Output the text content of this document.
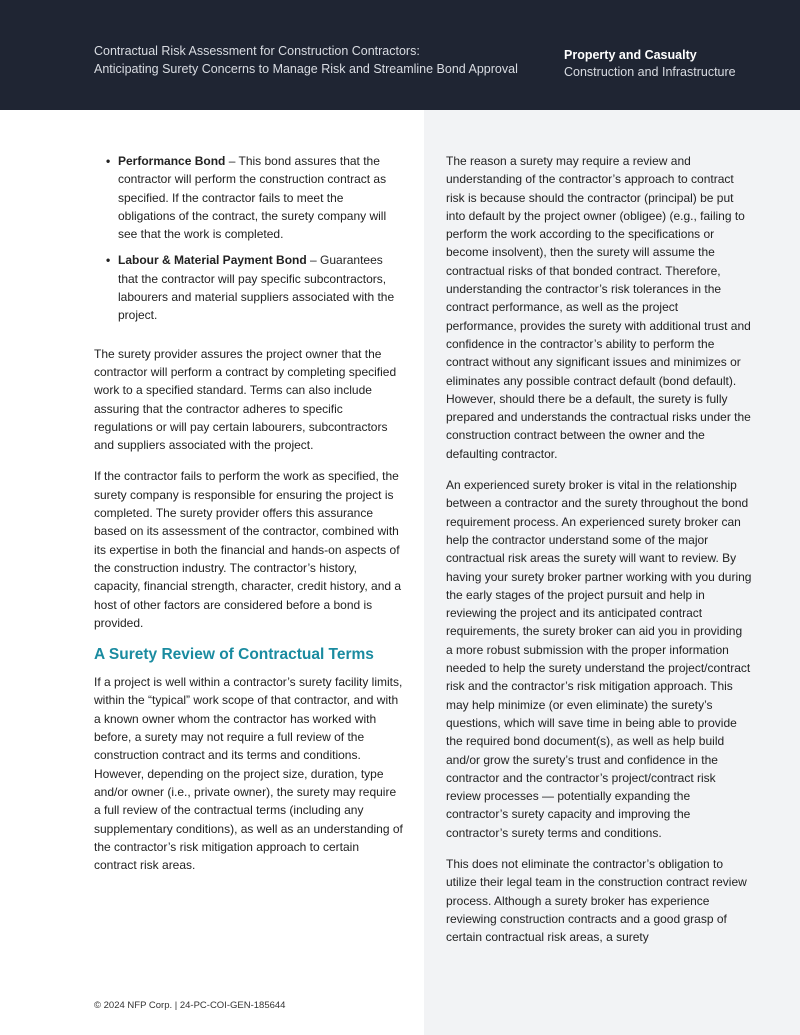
Contractual Risk Assessment for Construction Contractors:
Anticipating Surety Concerns to Manage Risk and Streamline Bond Approval
Property and Casualty
Construction and Infrastructure
• Performance Bond – This bond assures that the contractor will perform the construction contract as specified. If the contractor fails to meet the obligations of the contract, the surety company will see that the work is completed.
• Labour & Material Payment Bond – Guarantees that the contractor will pay specific subcontractors, labourers and material suppliers associated with the project.

The surety provider assures the project owner that the contractor will perform a contract by completing specified work to a specified standard. Terms can also include assuring that the contractor adheres to specific regulations or will pay certain labourers, subcontractors and suppliers associated with the project.

If the contractor fails to perform the work as specified, the surety company is responsible for ensuring the project is completed. The surety provider offers this assurance based on its assessment of the contractor, combined with its expertise in both the financial and hands-on aspects of the construction industry. The contractor’s history, capacity, financial strength, character, credit history, and a host of other factors are considered before a bond is provided.

A Surety Review of Contractual Terms

If a project is well within a contractor’s surety facility limits, within the “typical” work scope of that contractor, and with a known owner whom the contractor has worked with before, a surety may not require a full review of the construction contract and its terms and conditions. However, depending on the project size, duration, type and/or owner (i.e., private owner), the surety may require a full review of the contractual terms (including any supplementary conditions), as well as an understanding of the contractor’s risk mitigation approach to certain contract risk areas.

The reason a surety may require a review and understanding of the contractor’s approach to contract risk is because should the contractor (principal) be put into default by the project owner (obligee) (e.g., failing to perform the work according to the specifications or become insolvent), then the surety will assume the contractual risks of that bonded contract. Therefore, understanding the contractor’s risk tolerances in the contract performance, as well as the project performance, provides the surety with additional trust and confidence in the contractor’s ability to perform the contract without any significant issues and minimizes or eliminates any possible contract default (bond default). However, should there be a default, the surety is fully prepared and understands the contractual risks under the construction contract between the owner and the defaulting contractor.

An experienced surety broker is vital in the relationship between a contractor and the surety throughout the bond requirement process. An experienced surety broker can help the contractor understand some of the major contractual risk areas the surety will want to review. By having your surety broker partner working with you during the early stages of the project pursuit and help in reviewing the project and its anticipated contract requirements, the surety broker can aid you in providing a more robust submission with the proper information needed to help the surety understand the project/contract risk and the contractor’s risk mitigation approach. This may help minimize (or even eliminate) the surety’s questions, which will save time in being able to provide the required bond document(s), as well as help build and/or grow the surety’s trust and confidence in the contractor and the contractor’s project/contract risk review processes — potentially expanding the contractor’s surety capacity and improving the contractor’s surety terms and conditions.

This does not eliminate the contractor’s obligation to utilize their legal team in the construction contract review process. Although a surety broker has experience reviewing construction contracts and a good grasp of certain contractual risk areas, a surety

© 2024 NFP Corp. | 24-PC-COI-GEN-185644
